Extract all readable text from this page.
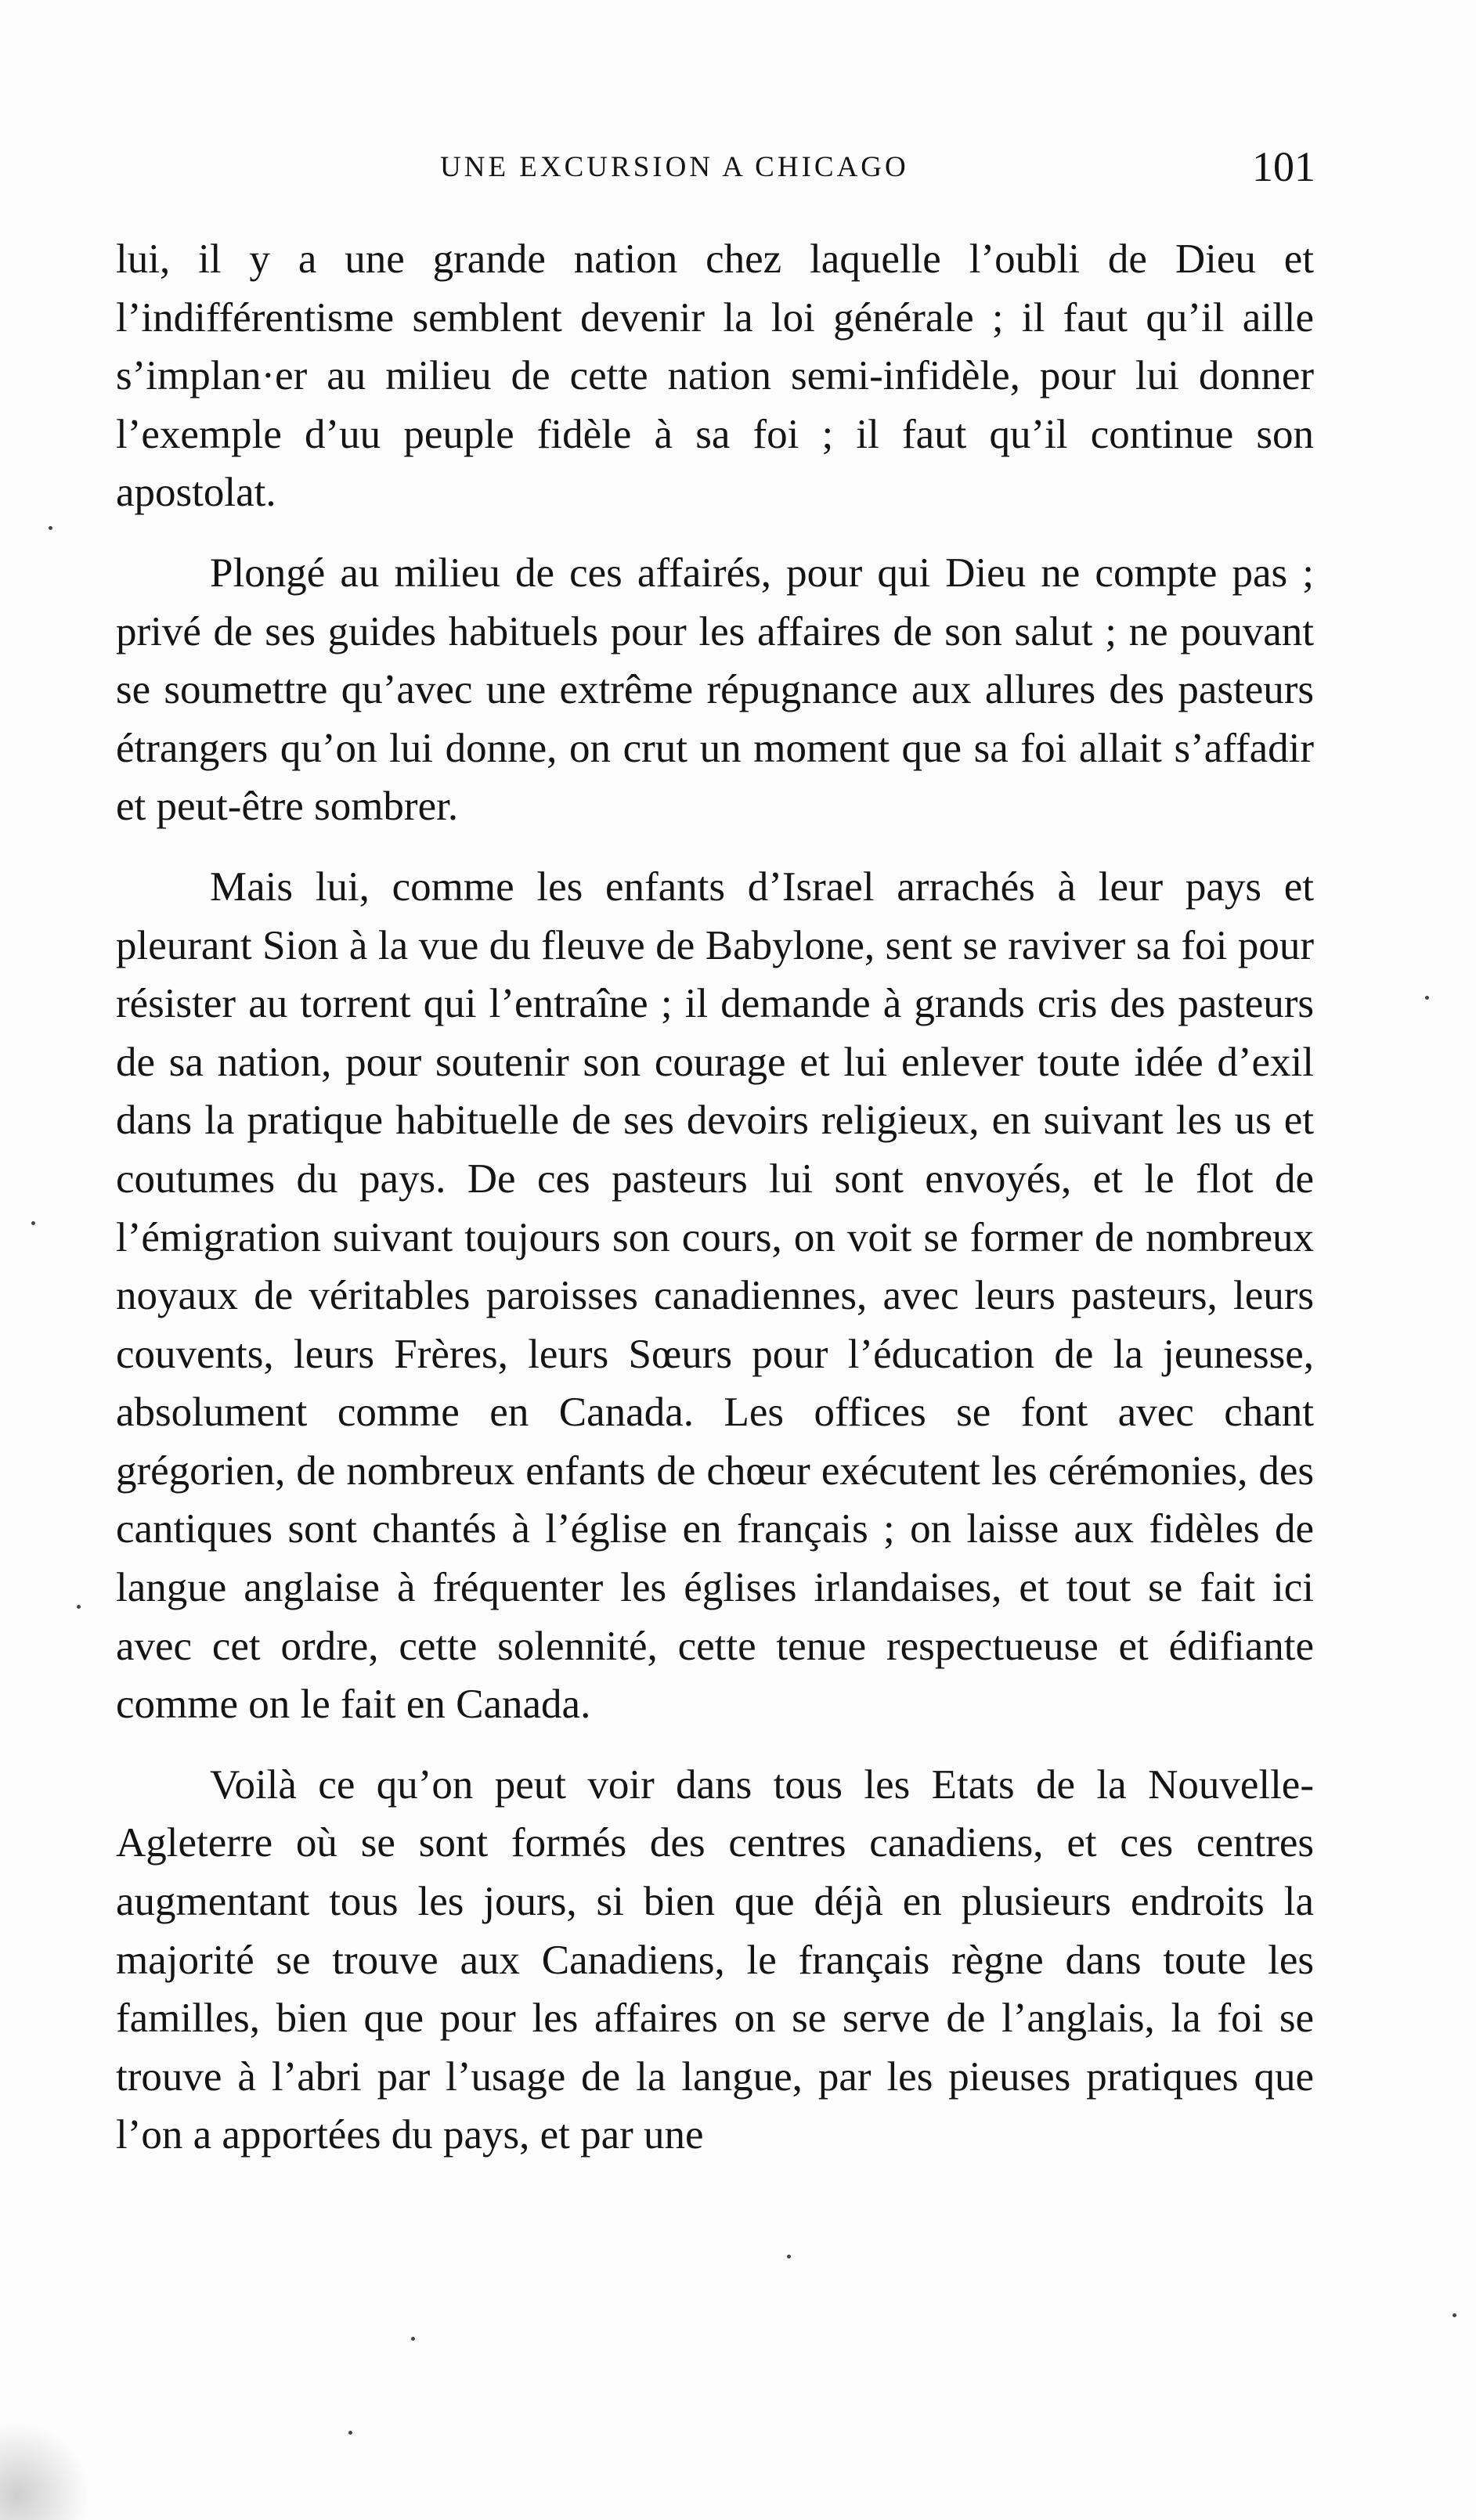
UNE EXCURSION A CHICAGO	101

lui, il y a une grande nation chez laquelle l’oubli de Dieu et l’indifférentisme semblent devenir la loi générale ; il faut qu’il aille s’implan·er au milieu de cette nation semi-infidèle, pour lui donner l’exemple d’uu peuple fidèle à sa foi ; il faut qu’il continue son apostolat.

Plongé au milieu de ces affairés, pour qui Dieu ne compte pas ; privé de ses guides habituels pour les affaires de son salut ; ne pouvant se soumettre qu’avec une extrême répugnance aux allures des pasteurs étrangers qu’on lui donne, on crut un moment que sa foi allait s’affadir et peut-être sombrer.

Mais lui, comme les enfants d’Israel arrachés à leur pays et pleurant Sion à la vue du fleuve de Babylone, sent se raviver sa foi pour résister au torrent qui l’entraîne ; il demande à grands cris des pasteurs de sa nation, pour soutenir son courage et lui enlever toute idée d’exil dans la pratique habituelle de ses devoirs religieux, en suivant les us et coutumes du pays. De ces pasteurs lui sont envoyés, et le flot de l’émigration suivant toujours son cours, on voit se former de nombreux noyaux de véritables paroisses canadiennes, avec leurs pasteurs, leurs couvents, leurs Frères, leurs Sœurs pour l’éducation de la jeunesse, absolument comme en Canada. Les offices se font avec chant grégorien, de nombreux enfants de chœur exécutent les cérémonies, des cantiques sont chantés à l’église en français ; on laisse aux fidèles de langue anglaise à fréquenter les églises irlandaises, et tout se fait ici avec cet ordre, cette solennité, cette tenue respectueuse et édifiante comme on le fait en Canada.

Voilà ce qu’on peut voir dans tous les Etats de la Nouvelle-Agleterre où se sont formés des centres canadiens, et ces centres augmentant tous les jours, si bien que déjà en plusieurs endroits la majorité se trouve aux Canadiens, le français règne dans toute les familles, bien que pour les affaires on se serve de l’anglais, la foi se trouve à l’abri par l’usage de la langue, par les pieuses pratiques que l’on a apportées du pays, et par une
